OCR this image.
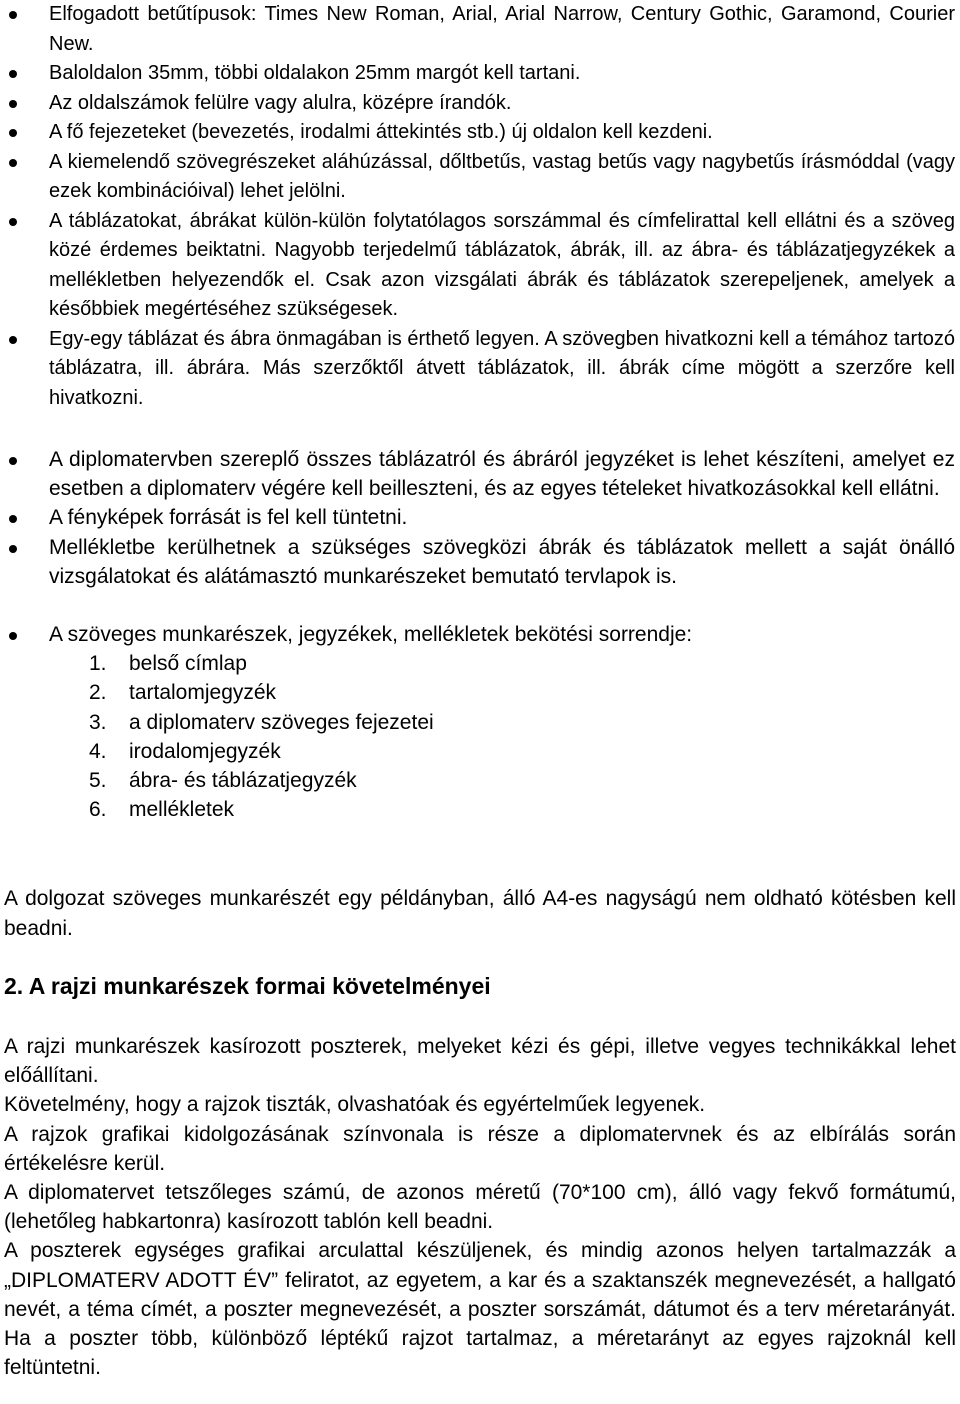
Elfogadott betűtípusok: Times New Roman, Arial, Arial Narrow, Century Gothic, Garamond, Courier New.
Baloldalon 35mm, többi oldalakon 25mm margót kell tartani.
Az oldalszámok felülre vagy alulra, középre írandók.
A fő fejezeteket (bevezetés, irodalmi áttekintés stb.) új oldalon kell kezdeni.
A kiemelendő szövegrészeket aláhúzással, dőltbetűs, vastag betűs vagy nagybetűs írásmóddal (vagy ezek kombinációival) lehet jelölni.
A táblázatokat, ábrákat külön-külön folytatólagos sorszámmal és címfelirattal kell ellátni és a szöveg közé érdemes beiktatni. Nagyobb terjedelmű táblázatok, ábrák, ill. az ábra- és táblázatjegyzékek a mellékletben helyezendők el. Csak azon vizsgálati ábrák és táblázatok szerepeljenek, amelyek a későbbiek megértéséhez szükségesek.
Egy-egy táblázat és ábra önmagában is érthető legyen. A szövegben hivatkozni kell a témához tartozó táblázatra, ill. ábrára. Más szerzőktől átvett táblázatok, ill. ábrák címe mögött a szerzőre kell hivatkozni.
A diplomatervben szereplő összes táblázatról és ábráról jegyzéket is lehet készíteni, amelyet ez esetben a diplomaterv végére kell beilleszteni, és az egyes tételeket hivatkozásokkal kell ellátni.
A fényképek forrását is fel kell tüntetni.
Mellékletbe kerülhetnek a szükséges szövegközi ábrák és táblázatok mellett a saját önálló vizsgálatokat és alátámasztó munkarészeket bemutató tervlapok is.
A szöveges munkarészek, jegyzékek, mellékletek bekötési sorrendje:
1. belső címlap
2. tartalomjegyzék
3. a diplomaterv szöveges fejezetei
4. irodalomjegyzék
5. ábra- és táblázatjegyzék
6. mellékletek

A dolgozat szöveges munkarészét egy példányban, álló A4-es nagyságú nem oldható kötésben kell beadni.

2. A rajzi munkarészek formai követelményei

A rajzi munkarészek kasírozott poszterek, melyeket kézi és gépi, illetve vegyes technikákkal lehet előállítani.

Követelmény, hogy a rajzok tiszták, olvashatóak és egyértelműek legyenek.

A rajzok grafikai kidolgozásának színvonala is része a diplomatervnek és az elbírálás során értékelésre kerül.

A diplomatervet tetszőleges számú, de azonos méretű (70*100 cm), álló vagy fekvő formátumú, (lehetőleg habkartonra) kasírozott tablón kell beadni.

A poszterek egységes grafikai arculattal készüljenek, és mindig azonos helyen tartalmazzák a „DIPLOMATERV ADOTT ÉV” feliratot, az egyetem, a kar és a szaktanszék megnevezését, a hallgató nevét, a téma címét, a poszter megnevezését, a poszter sorszámát, dátumot és a terv méretarányát. Ha a poszter több, különböző léptékű rajzot tartalmaz, a méretarányt az egyes rajzoknál kell feltüntetni.
